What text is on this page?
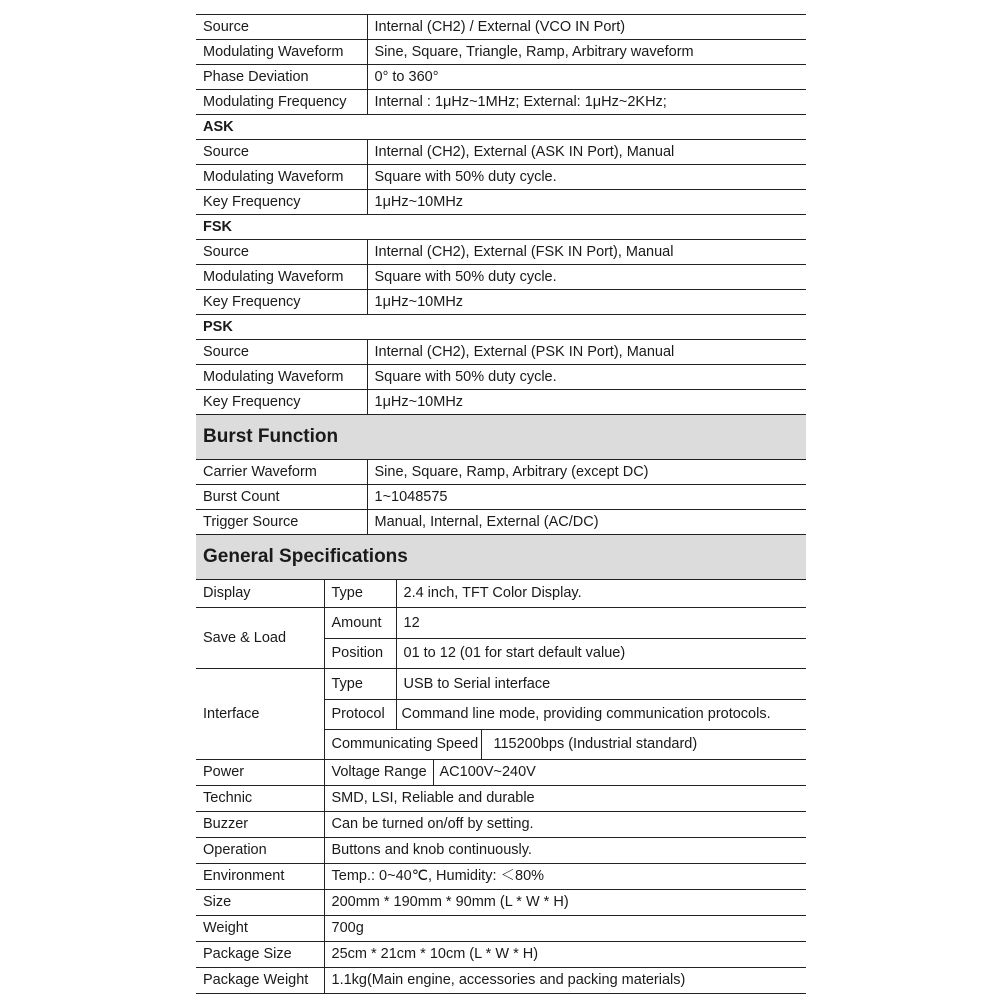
Source	Internal (CH2) / External (VCO IN Port)
Modulating Waveform	Sine, Square, Triangle, Ramp, Arbitrary waveform
Phase Deviation	0° to 360°
Modulating Frequency	Internal : 1μHz~1MHz; External: 1μHz~2KHz;
ASK	
Source	Internal (CH2), External (ASK IN Port), Manual
Modulating Waveform	Square with 50% duty cycle.
Key Frequency	1μHz~10MHz
FSK	
Source	Internal (CH2), External (FSK IN Port), Manual
Modulating Waveform	Square with 50% duty cycle.
Key Frequency	1μHz~10MHz
PSK	
Source	Internal (CH2), External (PSK IN Port), Manual
Modulating Waveform	Square with 50% duty cycle.
Key Frequency	1μHz~10MHz
Burst Function	
Carrier Waveform	Sine, Square, Ramp, Arbitrary (except DC)
Burst Count	1~1048575
Trigger Source	Manual, Internal, External (AC/DC)
General Specifications	
Display	Type	2.4 inch, TFT Color Display.
Save & Load	Amount	12
	Position	01 to 12 (01 for start default value)
Interface	Type	USB to Serial interface
	Protocol	Command line mode, providing communication protocols.
	Communicating Speed 115200bps (Industrial standard)	
Power	Voltage Range AC100V~240V	
Technic	SMD, LSI, Reliable and durable	
Buzzer	Can be turned on/off by setting.	
Operation	Buttons and knob continuously.	
Environment	Temp.: 0~40℃, Humidity: ＜80%	
Size	200mm * 190mm * 90mm (L * W * H)	
Weight	700g	
Package Size	25cm * 21cm * 10cm (L * W * H)	
Package Weight	1.1kg(Main engine, accessories and packing materials)	
